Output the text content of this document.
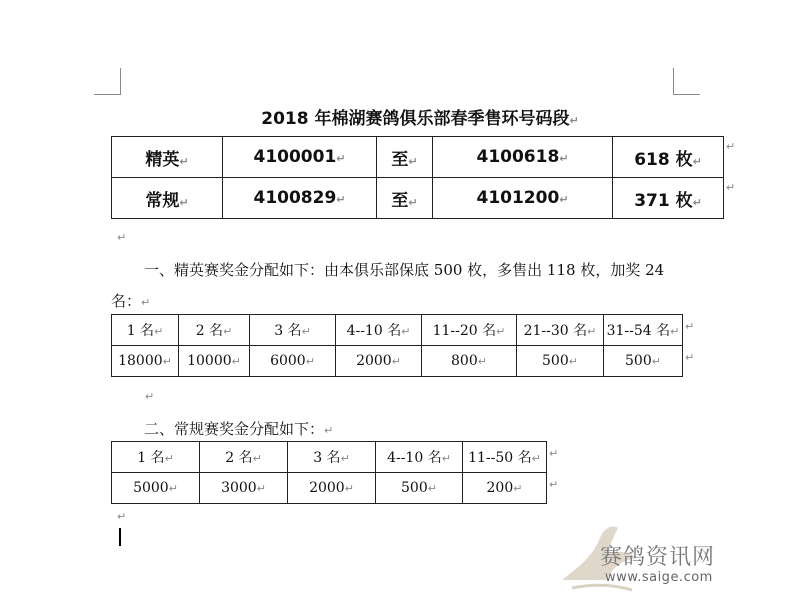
2018 年棉湖赛鸽俱乐部春季售环号码段↵
精英↵	4100001↵	至↵	4100618↵	618 枚↵
常规↵	4100829↵	至↵	4101200↵	371 枚↵
↵
↵
↵
一、精英赛奖金分配如下：由本俱乐部保底 500 枚，多售出 118 枚，加奖 24
名：↵
1 名↵	2 名↵	3 名↵	4--10 名↵	11--20 名↵	21--30 名↵	31--54 名↵
18000↵	10000↵	6000↵	2000↵	800↵	500↵	500↵
↵
↵
↵
二、常规赛奖金分配如下：↵
1 名↵	2 名↵	3 名↵	4--10 名↵	11--50 名↵
5000↵	3000↵	2000↵	500↵	200↵
↵
↵
↵
赛鸽资讯网
www.saige.com
